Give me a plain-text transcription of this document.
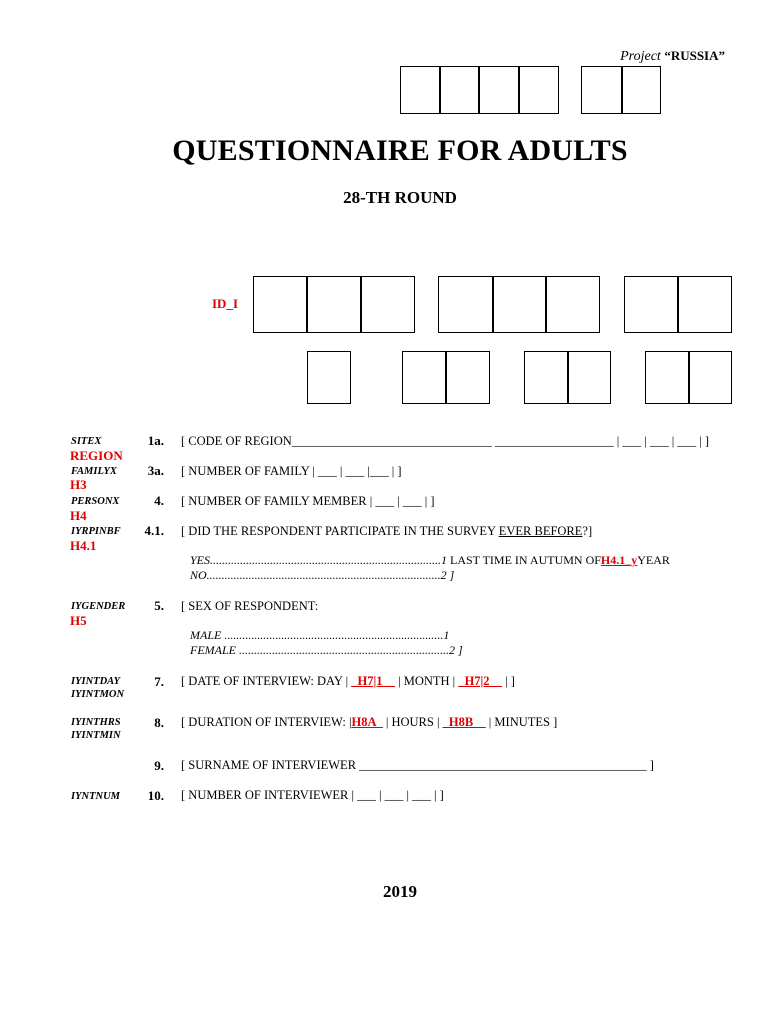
Project “RUSSIA”
QUESTIONNAIRE FOR ADULTS
28-TH ROUND
ID_I
SITEX
REGION
1a. [ CODE OF REGION________________________________ ___________________ | ___ | ___ | ___ | ]
FAMILYX
H3
3a. [ NUMBER OF FAMILY | ___ | ___ |___ | ]
PERSONX
H4
4. [ NUMBER OF FAMILY MEMBER | ___ | ___ | ]
IYRPINBF
H4.1
4.1. [ DID THE RESPONDENT PARTICIPATE IN THE SURVEY EVER BEFORE?]
YES.............................................................................1 LAST TIME IN AUTUMN OFH4.1_yYEAR
NO..............................................................................2 ]
IYGENDER
H5
5. [ SEX OF RESPONDENT:
MALE .........................................................................1
FEMALE ......................................................................2 ]
IYINTDAY
IYINTMON
7. [ DATE OF INTERVIEW: DAY | _H7|1__ | MONTH | _H7|2__ | ]
IYINTHRS
IYINTMIN
8. [ DURATION OF INTERVIEW: |H8A_ | HOURS | _H8B__ | MINUTES ]
9. [ SURNAME OF INTERVIEWER ______________________________________________ ]
IYNTNUM	10. [ NUMBER OF INTERVIEWER | ___ | ___ | ___ | ]
2019
